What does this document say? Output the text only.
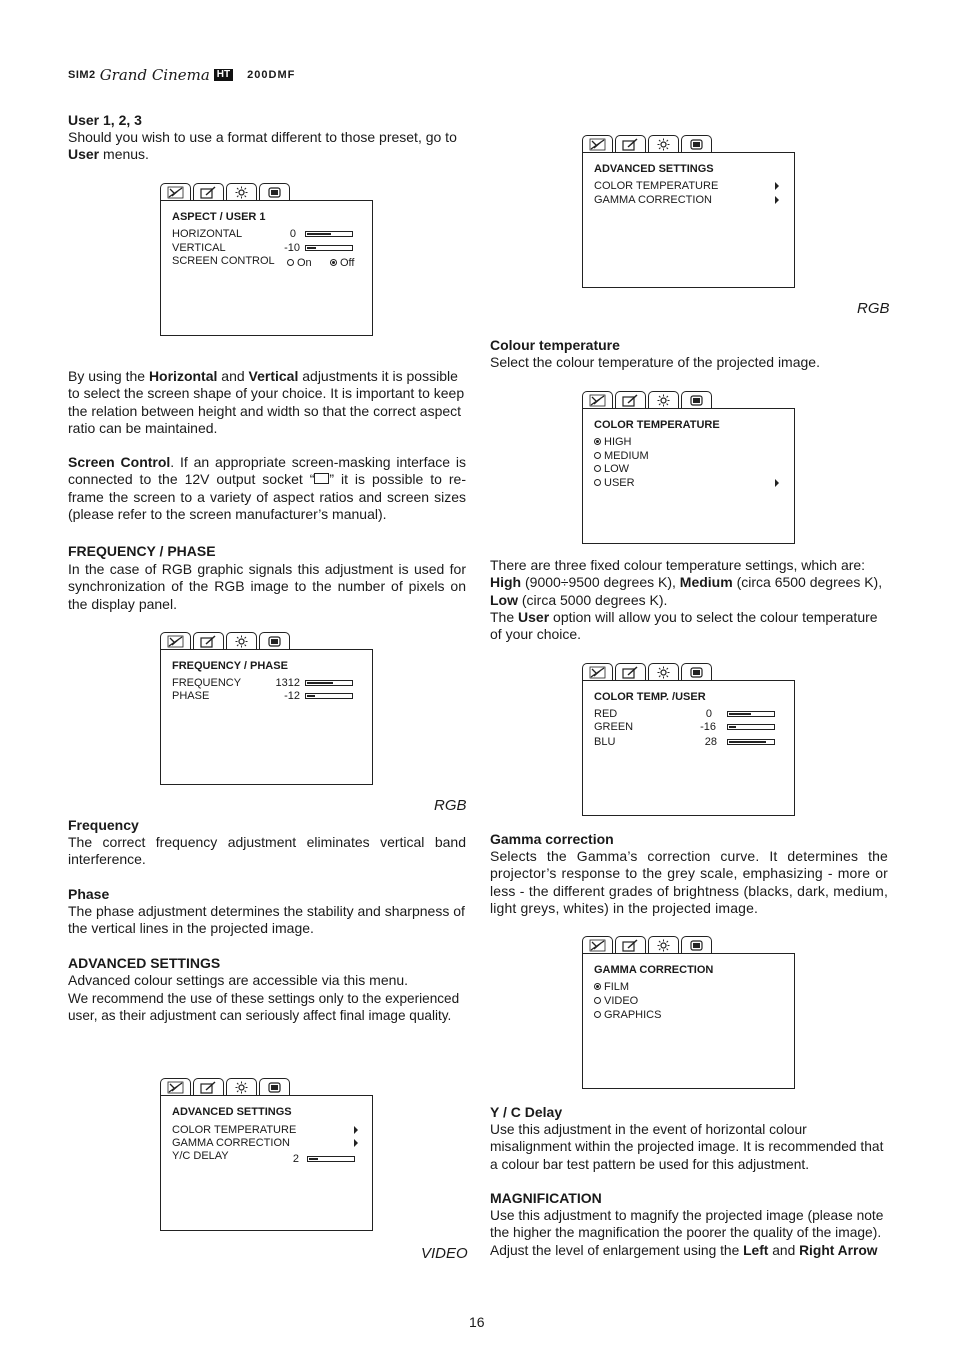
SIM2 Grand Cinema HT 200DMF

User 1, 2, 3

Should you wish to use a format different to those preset, go to User menus.

ASPECT / USER 1
HORIZONTAL	0
VERTICAL	-10
SCREEN CONTROL	On	Off

By using the Horizontal and Vertical adjustments it is possible to select the screen shape of your choice. It is important to keep the relation between height and width so that the correct aspect ratio can be maintained.

Screen Control. If an appropriate screen-masking interface is connected to the 12V output socket “ ” it is possible to re-frame the screen to a variety of aspect ratios and screen sizes (please refer to the screen manufacturer’s manual).

FREQUENCY / PHASE

In the case of RGB graphic signals this adjustment is used for synchronization of the RGB image to the number of pixels on the display panel.

FREQUENCY / PHASE
FREQUENCY	1312
PHASE	-12
RGB

Frequency

The correct frequency adjustment eliminates vertical band interference.

Phase

The phase adjustment determines the stability and sharpness of the vertical lines in the projected image.

ADVANCED SETTINGS

Advanced colour settings are accessible via this menu.

We recommend the use of these settings only to the experienced user, as their adjustment can seriously affect final image quality.

ADVANCED SETTINGS
COLOR TEMPERATURE
GAMMA CORRECTION
Y/C DELAY	2
VIDEO
ADVANCED SETTINGS
COLOR TEMPERATURE
GAMMA CORRECTION
RGB

Colour temperature

Select the colour temperature of the projected image.

COLOR TEMPERATURE
HIGH
MEDIUM
LOW
USER

There are three fixed colour temperature settings, which are: High (9000÷9500 degrees K), Medium (circa 6500 degrees K), Low (circa 5000 degrees K).
The User option will allow you to select the colour temperature of your choice.

COLOR TEMP. /USER
RED	0
GREEN	-16
BLU	28

Gamma correction

Selects the Gamma’s correction curve. It determines the projector’s response to the grey scale, emphasizing - more or less - the different grades of brightness (blacks, dark, medium, light greys, whites) in the projected image.

GAMMA CORRECTION
FILM
VIDEO
GRAPHICS

Y / C Delay

Use this adjustment in the event of horizontal colour misalignment within the projected image. It is recommended that a colour bar test pattern be used for this adjustment.

MAGNIFICATION

Use this adjustment to magnify the projected image (please note the higher the magnification the poorer the quality of the image). Adjust the level of enlargement using the Left and Right Arrow

16
